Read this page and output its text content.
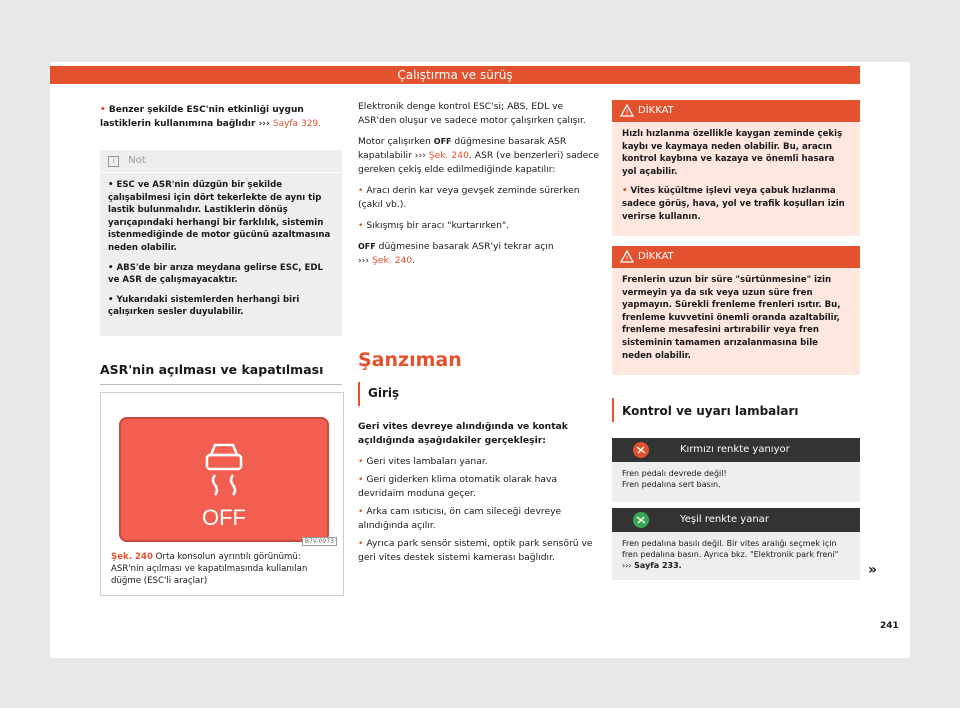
Çalıştırma ve sürüş

• Benzer şekilde ESC'nin etkinliği uygun lastiklerin kullanımına bağlıdır ››› Sayfa 329.

i Not

• ESC ve ASR'nin düzgün bir şekilde çalışabilmesi için dört tekerlekte de aynı tip lastik bulunmalıdır. Lastiklerin dönüş yarıçapındaki herhangi bir farklılık, sistemin istenmediğinde de motor gücünü azaltmasına neden olabilir.

• ABS'de bir arıza meydana gelirse ESC, EDL ve ASR de çalışmayacaktır.

• Yukarıdaki sistemlerden herhangi biri çalışırken sesler duyulabilir.

ASR'nin açılması ve kapatılması
OFF
B7V-0973
Şek. 240 Orta konsolun ayrıntılı görünümü: ASR'nin açılması ve kapatılmasında kullanılan düğme (ESC'li araçlar)

Elektronik denge kontrol ESC'si; ABS, EDL ve ASR'den oluşur ve sadece motor çalışırken çalışır.

Motor çalışırken OFF düğmesine basarak ASR kapatılabilir ››› Şek. 240. ASR (ve benzerleri) sadece gereken çekiş elde edilmediğinde kapatılır:

• Aracı derin kar veya gevşek zeminde sürerken (çakıl vb.).

• Sıkışmış bir aracı "kurtarırken".

OFF düğmesine basarak ASR'yi tekrar açın
››› Şek. 240.

Şanzıman
Giriş

Geri vites devreye alındığında ve kontak açıldığında aşağıdakiler gerçekleşir:

• Geri vites lambaları yanar.

• Geri giderken klima otomatik olarak hava devridaim moduna geçer.

• Arka cam ısıtıcısı, ön cam sileceği devreye alındığında açılır.

• Ayrıca park sensör sistemi, optik park sensörü ve geri vites destek sistemi kamerası bağlıdır.

! DİKKAT

Hızlı hızlanma özellikle kaygan zeminde çekiş kaybı ve kaymaya neden olabilir. Bu, aracın kontrol kaybına ve kazaya ve önemli hasara yol açabilir.

• Vites küçültme işlevi veya çabuk hızlanma sadece görüş, hava, yol ve trafik koşulları izin verirse kullanın.

! DİKKAT

Frenlerin uzun bir süre "sürtünmesine" izin vermeyin ya da sık veya uzun süre fren yapmayın. Sürekli frenleme frenleri ısıtır. Bu, frenleme kuvvetini önemli oranda azaltabilir, frenleme mesafesini artırabilir veya fren sisteminin tamamen arızalanmasına bile neden olabilir.

Kontrol ve uyarı lambaları
Kırmızı renkte yanıyor
Fren pedalı devrede değil!
Fren pedalına sert basın.
Yeşil renkte yanar
Fren pedalına basılı değil. Bir vites aralığı seçmek için fren pedalına basın. Ayrıca bkz. "Elektronik park freni" ››› Sayfa 233.	»
241
